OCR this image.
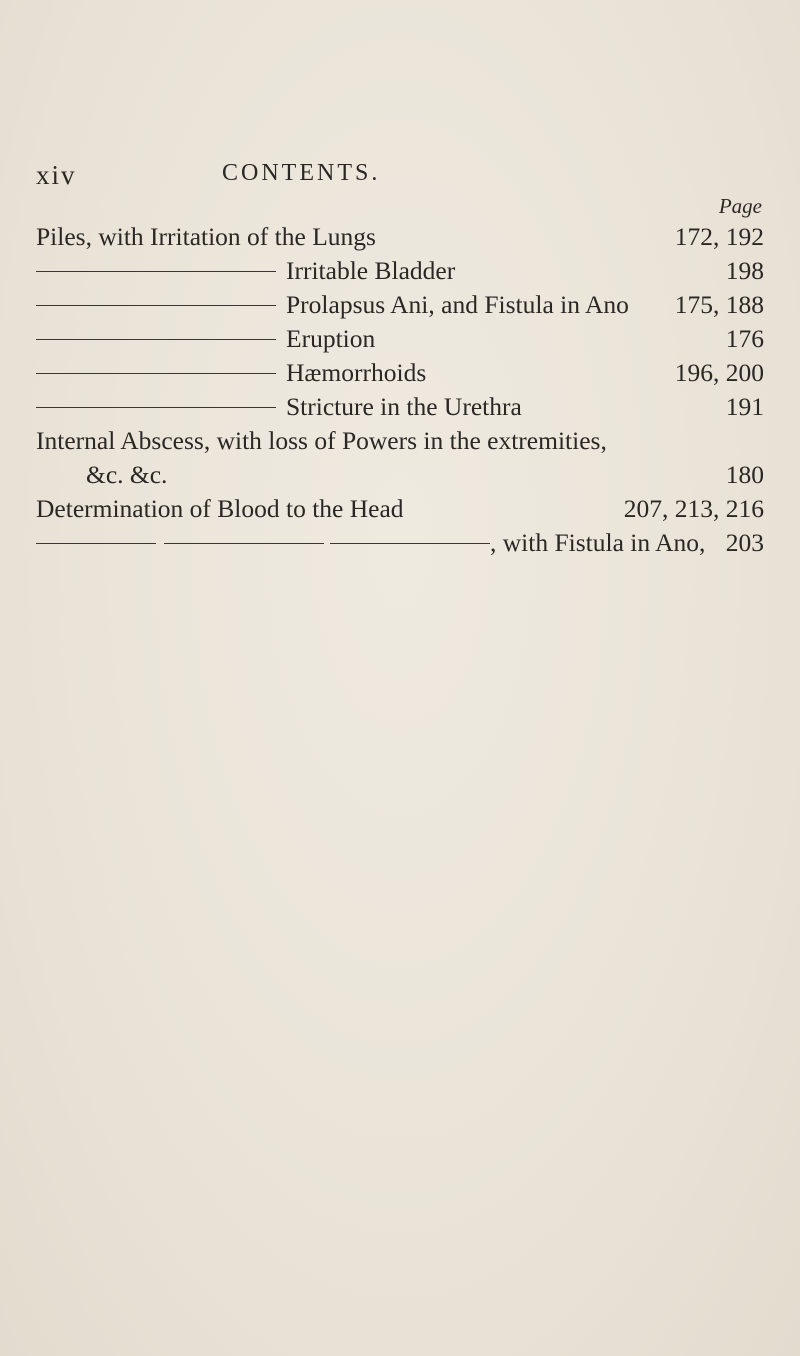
xiv	CONTENTS.
Page
Piles, with Irritation of the Lungs	172, 192
Irritable Bladder	198
Prolapsus Ani, and Fistula in Ano 175, 188
Eruption	176
Hæmorrhoids	196, 200
Stricture in the Urethra	191
Internal Abscess, with loss of Powers in the extremities,
&c. &c.	180
Determination of Blood to the Head	207, 213, 216
, with Fistula in Ano, 203
